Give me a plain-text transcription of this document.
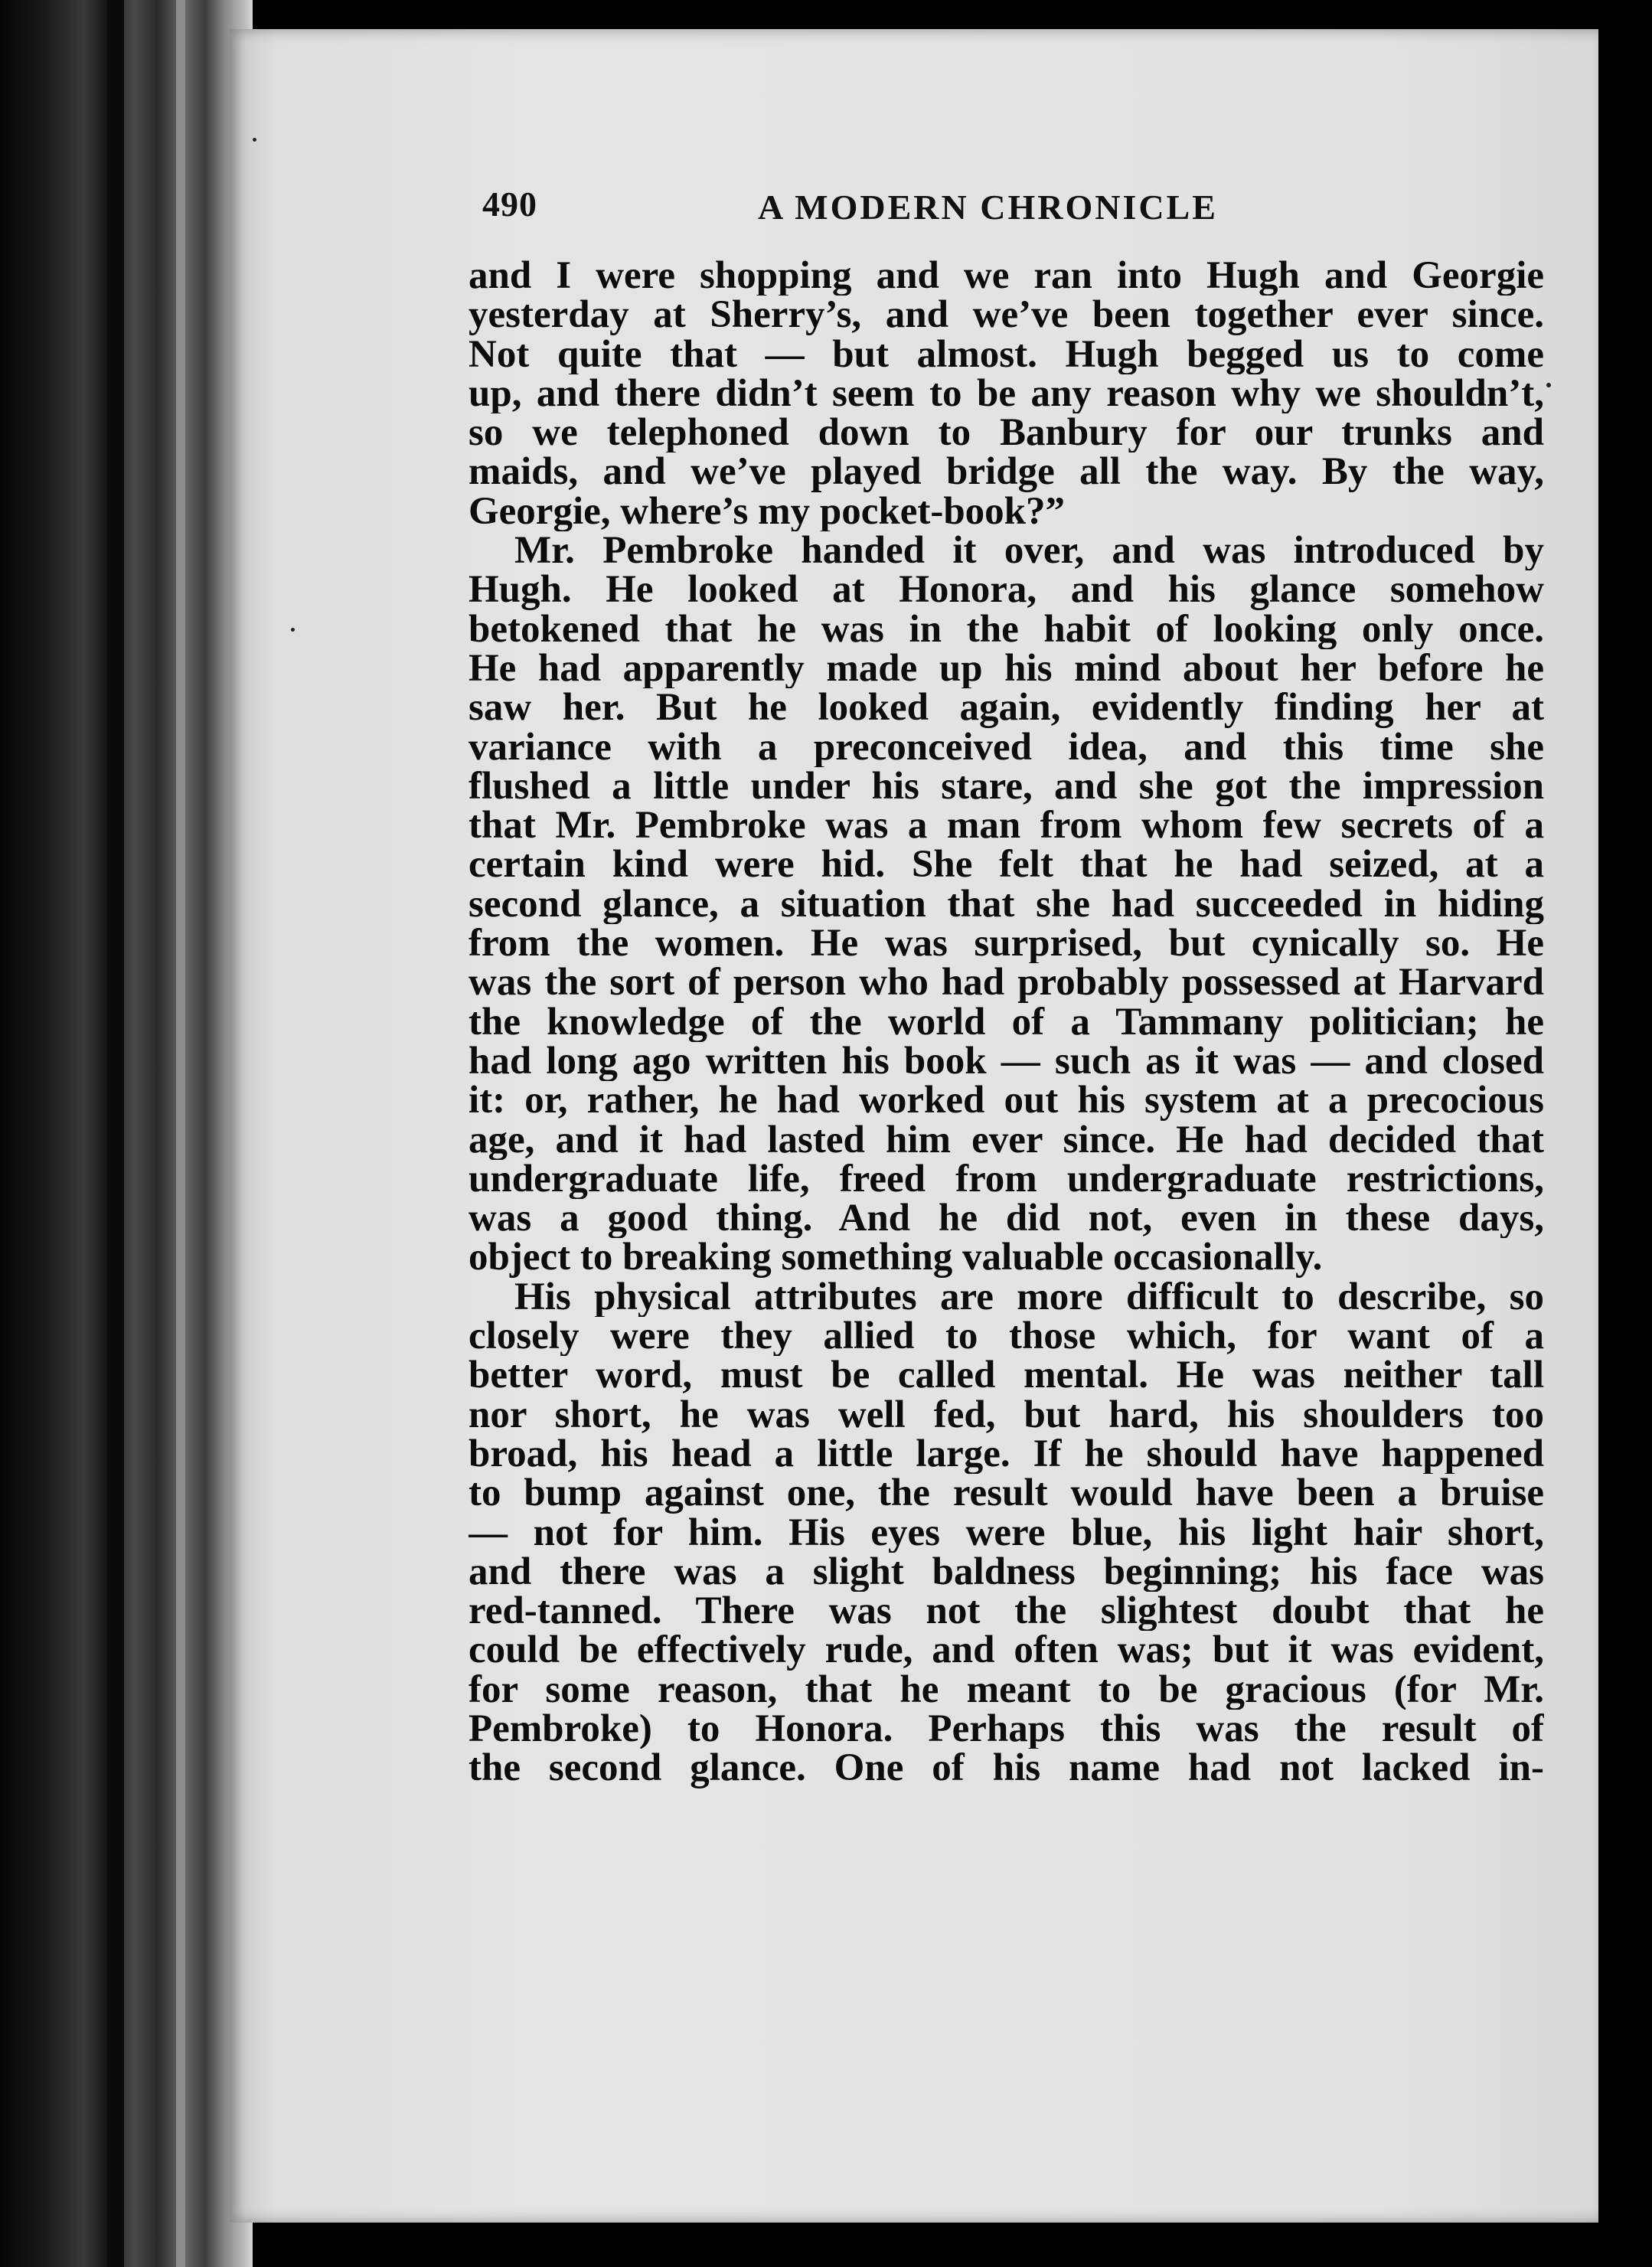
490	A MODERN CHRONICLE
and I were shopping and we ran into Hugh and Georgie
yesterday at Sherry’s, and we’ve been together ever since.
Not quite that — but almost. Hugh begged us to come
up, and there didn’t seem to be any reason why we shouldn’t,
so we telephoned down to Banbury for our trunks and
maids, and we’ve played bridge all the way. By the way,
Georgie, where’s my pocket-book?”
Mr. Pembroke handed it over, and was introduced by
Hugh. He looked at Honora, and his glance somehow
betokened that he was in the habit of looking only once.
He had apparently made up his mind about her before he
saw her. But he looked again, evidently finding her at
variance with a preconceived idea, and this time she
flushed a little under his stare, and she got the impression
that Mr. Pembroke was a man from whom few secrets of a
certain kind were hid. She felt that he had seized, at a
second glance, a situation that she had succeeded in hiding
from the women. He was surprised, but cynically so. He
was the sort of person who had probably possessed at Harvard
the knowledge of the world of a Tammany politician; he
had long ago written his book — such as it was — and closed
it: or, rather, he had worked out his system at a precocious
age, and it had lasted him ever since. He had decided that
undergraduate life, freed from undergraduate restrictions,
was a good thing. And he did not, even in these days,
object to breaking something valuable occasionally.
His physical attributes are more difficult to describe, so
closely were they allied to those which, for want of a
better word, must be called mental. He was neither tall
nor short, he was well fed, but hard, his shoulders too
broad, his head a little large. If he should have happened
to bump against one, the result would have been a bruise
— not for him. His eyes were blue, his light hair short,
and there was a slight baldness beginning; his face was
red-tanned. There was not the slightest doubt that he
could be effectively rude, and often was; but it was evident,
for some reason, that he meant to be gracious (for Mr.
Pembroke) to Honora. Perhaps this was the result of
the second glance. One of his name had not lacked in-
